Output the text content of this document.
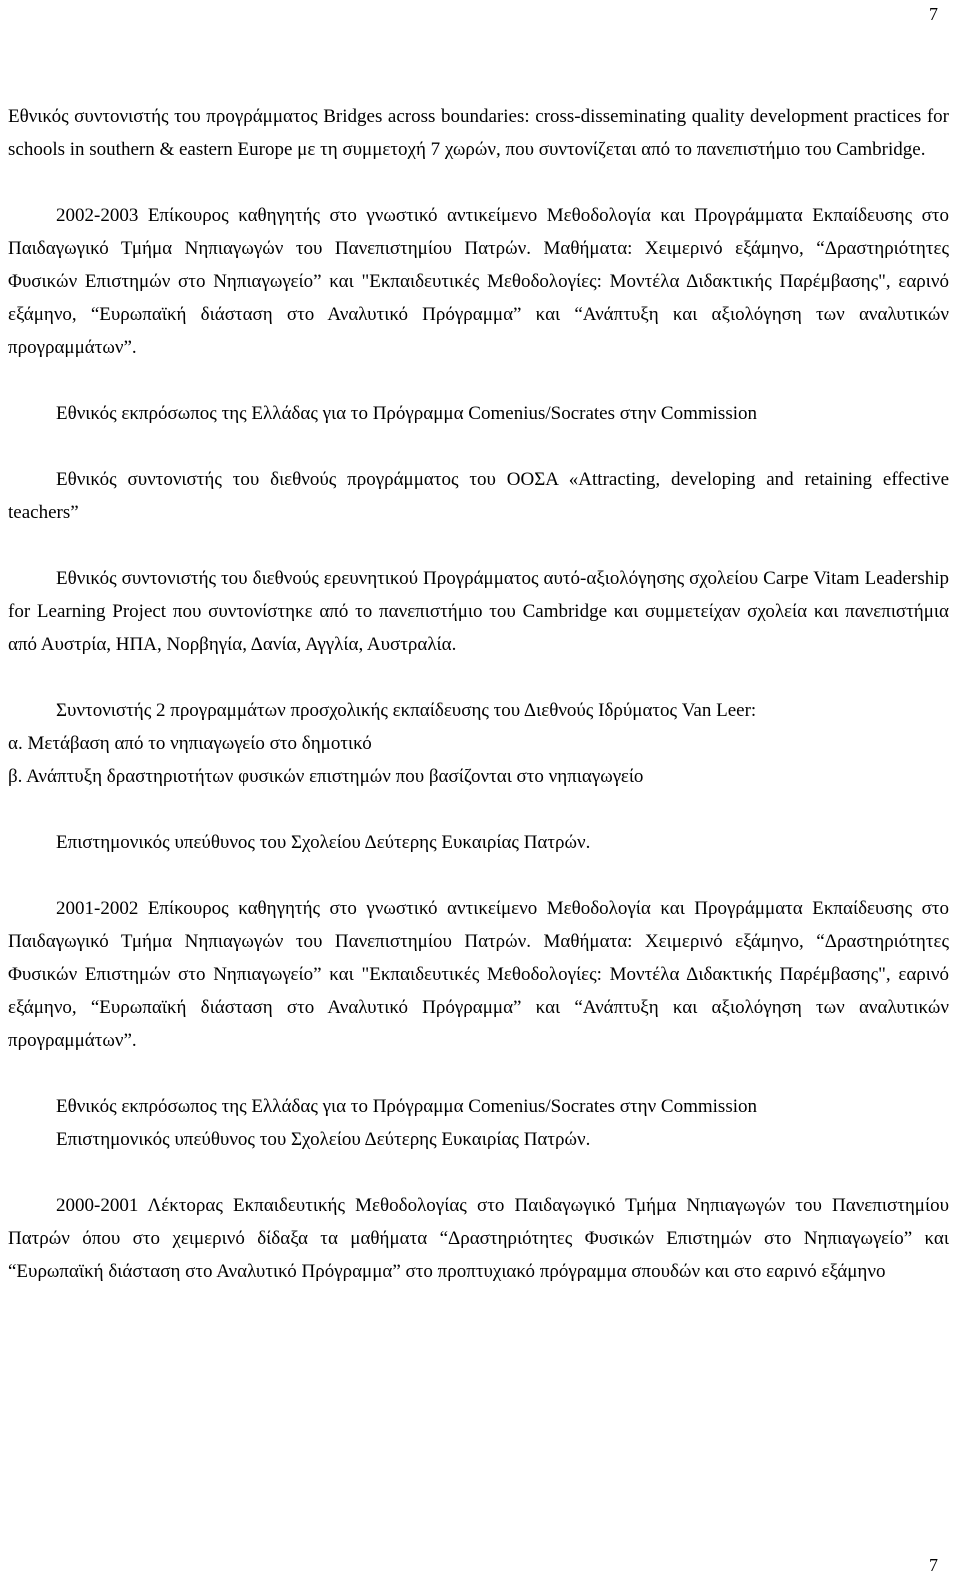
7

Εθνικός συντονιστής του προγράμματος Bridges across boundaries: cross-disseminating quality development practices for schools in southern & eastern Europe με τη συμμετοχή 7 χωρών, που συντονίζεται από το πανεπιστήμιο του Cambridge.

2002-2003 Επίκουρος καθηγητής στο γνωστικό αντικείμενο Μεθοδολογία και Προγράμματα Εκπαίδευσης στο Παιδαγωγικό Τμήμα Νηπιαγωγών του Πανεπιστημίου Πατρών. Μαθήματα: Χειμερινό εξάμηνο, “Δραστηριότητες Φυσικών Επιστημών στο Νηπιαγωγείο” και "Εκπαιδευτικές Μεθοδολογίες: Μοντέλα Διδακτικής Παρέμβασης", εαρινό εξάμηνο, “Ευρωπαϊκή διάσταση στο Αναλυτικό Πρόγραμμα” και “Ανάπτυξη και αξιολόγηση των αναλυτικών προγραμμάτων”.

Εθνικός εκπρόσωπος της Ελλάδας για το Πρόγραμμα Comenius/Socrates στην Commission

Εθνικός συντονιστής του διεθνούς προγράμματος του ΟΟΣΑ «Attracting, developing and retaining effective teachers”

Εθνικός συντονιστής του διεθνούς ερευνητικού Προγράμματος αυτό-αξιολόγησης σχολείου Carpe Vitam Leadership for Learning Project που συντονίστηκε από το πανεπιστήμιο του Cambridge και συμμετείχαν σχολεία και πανεπιστήμια από Αυστρία, ΗΠΑ, Νορβηγία, Δανία, Αγγλία, Αυστραλία.

Συντονιστής 2 προγραμμάτων προσχολικής εκπαίδευσης του Διεθνούς Ιδρύματος Van Leer:

α. Μετάβαση από το νηπιαγωγείο στο δημοτικό

β. Ανάπτυξη δραστηριοτήτων φυσικών επιστημών που βασίζονται στο νηπιαγωγείο

Επιστημονικός υπεύθυνος του Σχολείου Δεύτερης Ευκαιρίας Πατρών.

2001-2002 Επίκουρος καθηγητής στο γνωστικό αντικείμενο Μεθοδολογία και Προγράμματα Εκπαίδευσης στο Παιδαγωγικό Τμήμα Νηπιαγωγών του Πανεπιστημίου Πατρών. Μαθήματα: Χειμερινό εξάμηνο, “Δραστηριότητες Φυσικών Επιστημών στο Νηπιαγωγείο” και "Εκπαιδευτικές Μεθοδολογίες: Μοντέλα Διδακτικής Παρέμβασης", εαρινό εξάμηνο, “Ευρωπαϊκή διάσταση στο Αναλυτικό Πρόγραμμα” και “Ανάπτυξη και αξιολόγηση των αναλυτικών προγραμμάτων”.

Εθνικός εκπρόσωπος της Ελλάδας για το Πρόγραμμα Comenius/Socrates στην Commission

Επιστημονικός υπεύθυνος του Σχολείου Δεύτερης Ευκαιρίας Πατρών.

2000-2001 Λέκτορας Εκπαιδευτικής Μεθοδολογίας στο Παιδαγωγικό Τμήμα Νηπιαγωγών του Πανεπιστημίου Πατρών όπου στο χειμερινό δίδαξα τα μαθήματα “Δραστηριότητες Φυσικών Επιστημών στο Νηπιαγωγείο” και “Ευρωπαϊκή διάσταση στο Αναλυτικό Πρόγραμμα” στο προπτυχιακό πρόγραμμα σπουδών και στο εαρινό εξάμηνο

7
